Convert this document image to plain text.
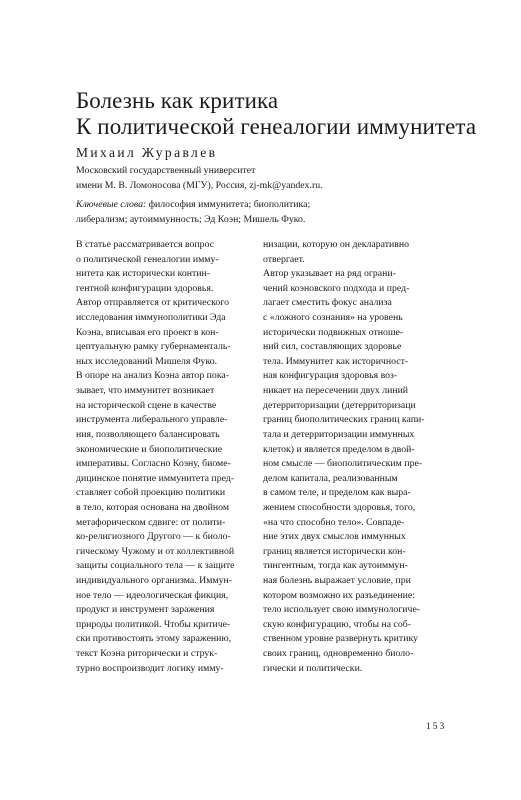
Болезнь как критика
К политической генеалогии иммунитета
Михаил Журавлев
Московский государственный университет
имени М. В. Ломоносова (МГУ), Россия, zj-mk@yandex.ru.
Ключевые слова: философия иммунитета; биополитика;
либерализм; аутоиммунность; Эд Коэн; Мишель Фуко.
В статье рассматривается вопрос
о политической генеалогии имму-
нитета как исторически контин-
гентной конфигурации здоровья.
Автор отправляется от критического
исследования иммунополитики Эда
Коэна, вписывая его проект в кон-
цептуальную рамку губернаменталь-
ных исследований Мишеля Фуко.
В опоре на анализ Коэна автор пока-
зывает, что иммунитет возникает
на исторической сцене в качестве
инструмента либерального управле-
ния, позволяющего балансировать
экономические и биополитические
императивы. Согласно Коэну, биоме-
дицинское понятие иммунитета пред-
ставляет собой проекцию политики
в тело, которая основана на двойном
метафорическом сдвиге: от полити-
ко-религиозного Другого — к биоло-
гическому Чужому и от коллективной
защиты социального тела — к защите
индивидуального организма. Иммун-
ное тело — идеологическая фикция,
продукт и инструмент заражения
природы политикой. Чтобы критиче-
ски противостоять этому заражению,
текст Коэна риторически и струк-
турно воспроизводит логику имму-
низации, которую он декларативно
отвергает.
Автор указывает на ряд ограни-
чений коэновского подхода и пред-
лагает сместить фокус анализа
с «ложного сознания» на уровень
исторически подвижных отноше-
ний сил, составляющих здоровье
тела. Иммунитет как историчност-
ная конфигурация здоровья воз-
никает на пересечении двух линий
детерриторизации (детерриторизаци
границ биополитических границ капи-
тала и детерриторизации иммунных
клеток) и является пределом в двой-
ном смысле — биополитическим пре-
делом капитала, реализованным
в самом теле, и пределом как выра-
жением способности здоровья, того,
«на что способно тело». Совпаде-
ние этих двух смыслов иммунных
границ является исторически кон-
тингентным, тогда как аутоиммун-
ная болезнь выражает условие, при
котором возможно их разъединение:
тело использует свою иммунологиче-
скую конфигурацию, чтобы на соб-
ственном уровне развернуть критику
своих границ, одновременно биоло-
гически и политически.
153
